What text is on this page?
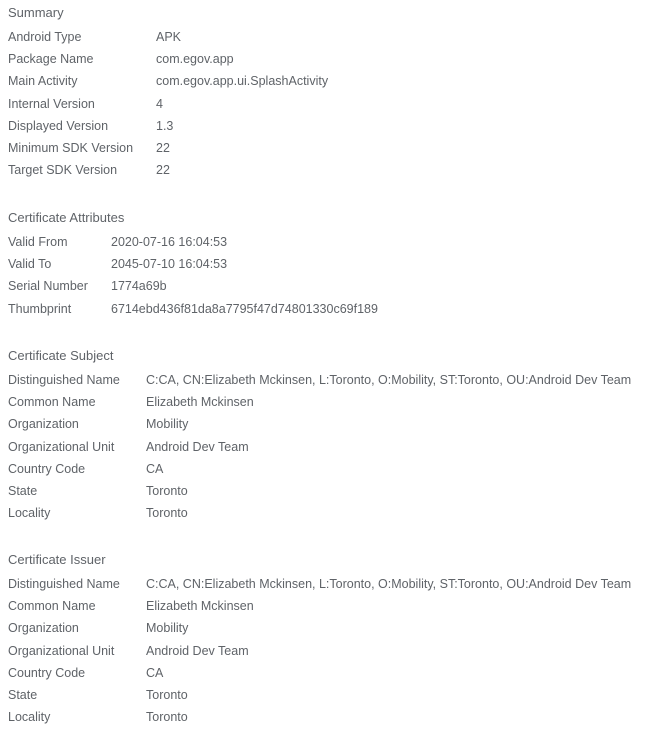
Summary
Android Type	APK
Package Name	com.egov.app
Main Activity	com.egov.app.ui.SplashActivity
Internal Version	4
Displayed Version	1.3
Minimum SDK Version	22
Target SDK Version	22
Certificate Attributes
Valid From	2020-07-16 16:04:53
Valid To	2045-07-10 16:04:53
Serial Number	1774a69b
Thumbprint	6714ebd436f81da8a7795f47d74801330c69f189
Certificate Subject
Distinguished Name	C:CA, CN:Elizabeth Mckinsen, L:Toronto, O:Mobility, ST:Toronto, OU:Android Dev Team
Common Name	Elizabeth Mckinsen
Organization	Mobility
Organizational Unit	Android Dev Team
Country Code	CA
State	Toronto
Locality	Toronto
Certificate Issuer
Distinguished Name	C:CA, CN:Elizabeth Mckinsen, L:Toronto, O:Mobility, ST:Toronto, OU:Android Dev Team
Common Name	Elizabeth Mckinsen
Organization	Mobility
Organizational Unit	Android Dev Team
Country Code	CA
State	Toronto
Locality	Toronto
